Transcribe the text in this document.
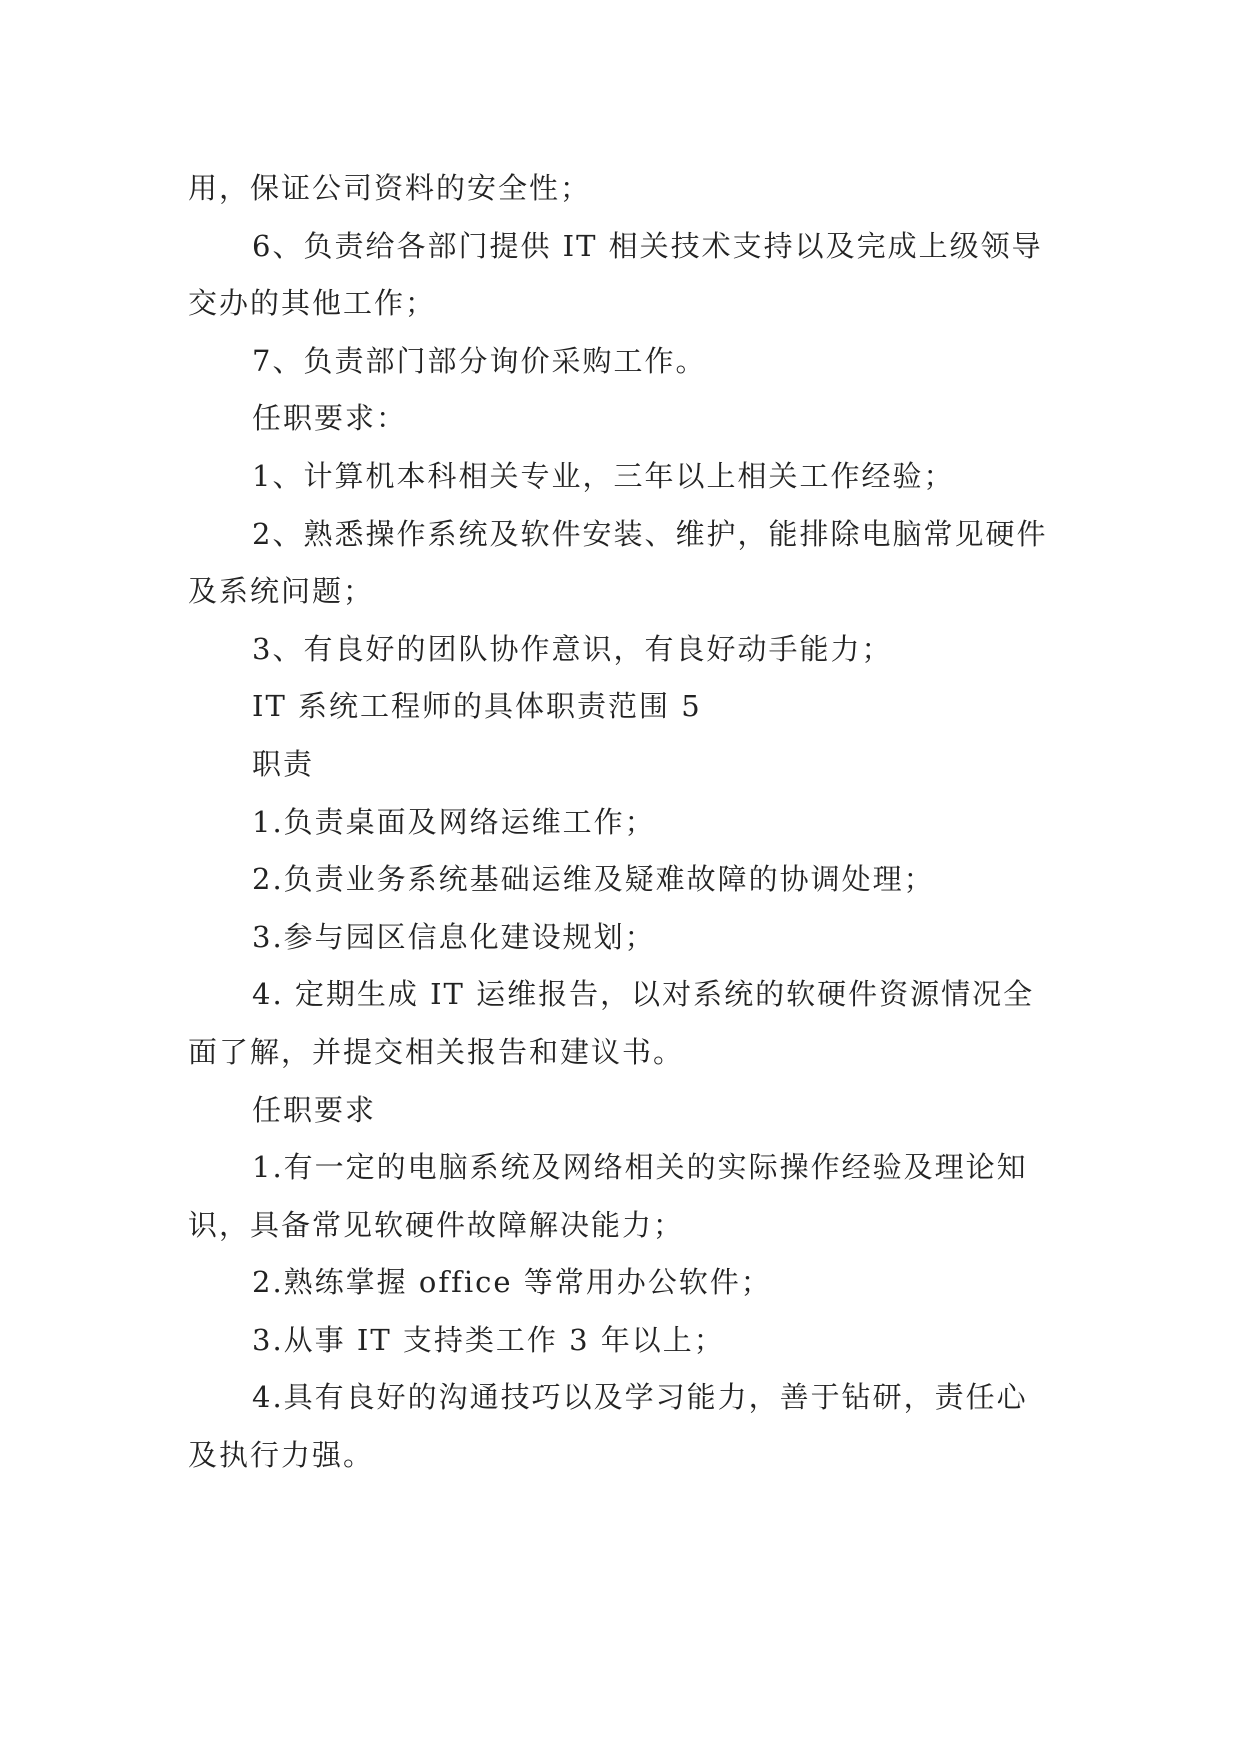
用，保证公司资料的安全性；

6、负责给各部门提供 IT 相关技术支持以及完成上级领导交办的其他工作；

7、负责部门部分询价采购工作。

任职要求：

1、计算机本科相关专业，三年以上相关工作经验；

2、熟悉操作系统及软件安装、维护，能排除电脑常见硬件及系统问题；

3、有良好的团队协作意识，有良好动手能力；

IT 系统工程师的具体职责范围 5

职责

1.负责桌面及网络运维工作；

2.负责业务系统基础运维及疑难故障的协调处理；

3.参与园区信息化建设规划；

4. 定期生成 IT 运维报告，以对系统的软硬件资源情况全面了解，并提交相关报告和建议书。

任职要求

1.有一定的电脑系统及网络相关的实际操作经验及理论知识，具备常见软硬件故障解决能力；

2.熟练掌握 office 等常用办公软件；

3.从事 IT 支持类工作 3 年以上；

4.具有良好的沟通技巧以及学习能力，善于钻研，责任心及执行力强。
